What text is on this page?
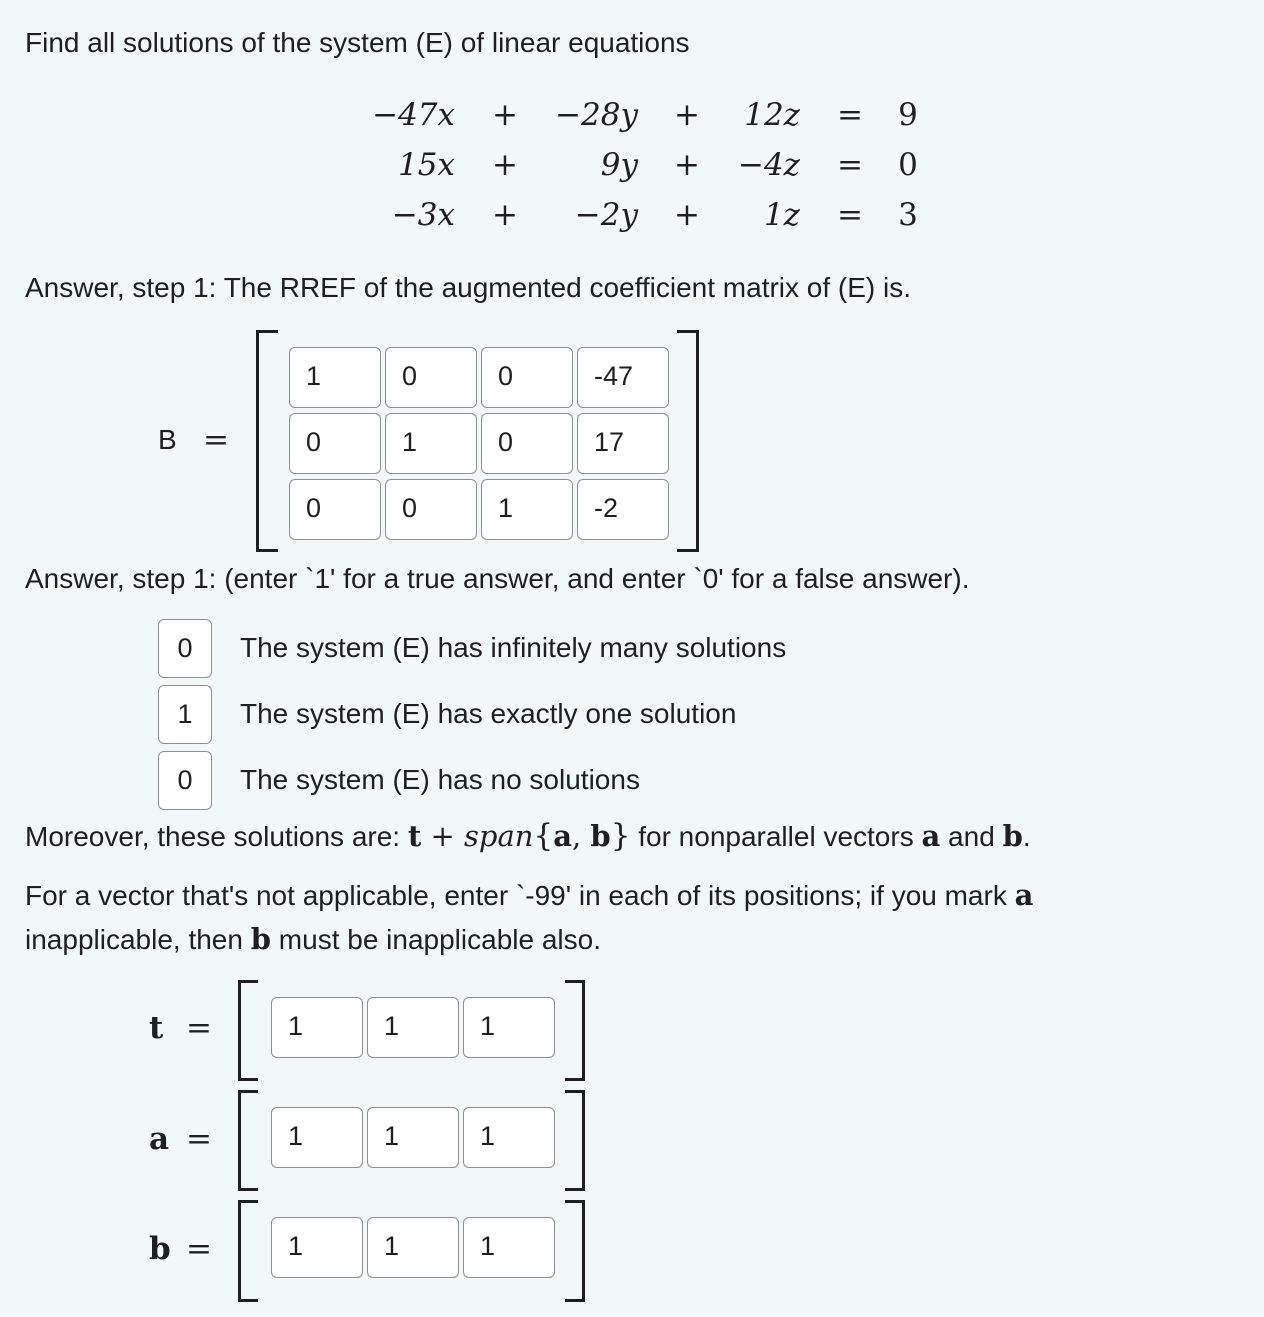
Find all solutions of the system (E) of linear equations
−47x	+	−28y	+	12z = 9
15x	+	9y	+	−4z = 0
−3x	+	−2y	+	1z = 3
Answer, step 1: The RREF of the augmented coefficient matrix of (E) is.
B =
1	0	0	-47
0	1	0	17
0	0	1	-2
Answer, step 1: (enter `1' for a true answer, and enter `0' for a false answer).
0	The system (E) has infinitely many solutions
1	The system (E) has exactly one solution
0	The system (E) has no solutions
Moreover, these solutions are: t + span{a, b} for nonparallel vectors a and b.
For a vector that's not applicable, enter `-99' in each of its positions; if you mark a
inapplicable, then b must be inapplicable also.
t =	1	1	1
a =	1	1	1
b =	1	1	1
